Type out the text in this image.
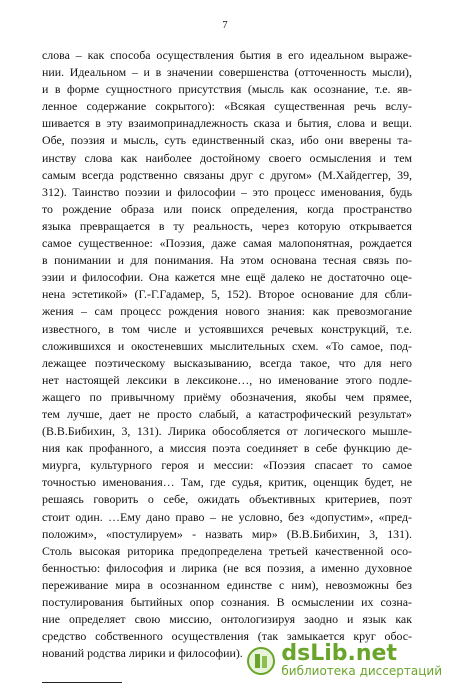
7
слова – как способа осуществления бытия в его идеальном выраже-
нии. Идеальном – и в значении совершенства (отточенность мысли),
и в форме сущностного присутствия (мысль как осознание, т.е. яв-
ленное содержание сокрытого): «Всякая существенная речь вслу-
шивается в эту взаимопринадлежность сказа и бытия, слова и вещи.
Обе, поэзия и мысль, суть единственный сказ, ибо они вверены та-
инству слова как наиболее достойному своего осмысления и тем
самым всегда родственно связаны друг с другом» (М.Хайдеггер, 39,
312). Таинство поэзии и философии – это процесс именования, будь
то рождение образа или поиск определения, когда пространство
языка превращается в ту реальность, через которую открывается
самое существенное: «Поэзия, даже самая малопонятная, рождается
в понимании и для понимания. На этом основана тесная связь по-
эзии и философии. Она кажется мне ещё далеко не достаточно оце-
нена эстетикой» (Г.-Г.Гадамер, 5, 152). Второе основание для сбли-
жения – сам процесс рождения нового знания: как превозмогание
известного, в том числе и устоявшихся речевых конструкций, т.е.
сложившихся и окостеневших мыслительных схем. «То самое, под-
лежащее поэтическому высказыванию, всегда такое, что для него
нет настоящей лексики в лексиконе…, но именование этого подле-
жащего по привычному приёму обозначения, якобы чем прямее,
тем лучше, дает не просто слабый, а катастрофический результат»
(В.В.Бибихин, 3, 131). Лирика обособляется от логического мышле-
ния как профанного, а миссия поэта соединяет в себе функцию де-
миурга, культурного героя и мессии: «Поэзия спасает то самое
точностью именования… Там, где судья, критик, оценщик будет, не
решаясь говорить о себе, ожидать объективных критериев, поэт
стоит один. …Ему дано право – не условно, без «допустим», «пред-
положим», «постулируем» - назвать мир» (В.В.Бибихин, 3, 131).
Столь высокая риторика предопределена третьей качественной осо-
бенностью: философия и лирика (не вся поэзия, а именно духовное
переживание мира в осознанном единстве с ним), невозможны без
постулирования бытийных опор сознания. В осмыслении их созна-
ние определяет свою миссию, онтологизируя заодно и язык как
средство собственного осуществления (так замыкается круг обос-
нований родства лирики и философии).	dsLib.net
библиотека диссертаций
